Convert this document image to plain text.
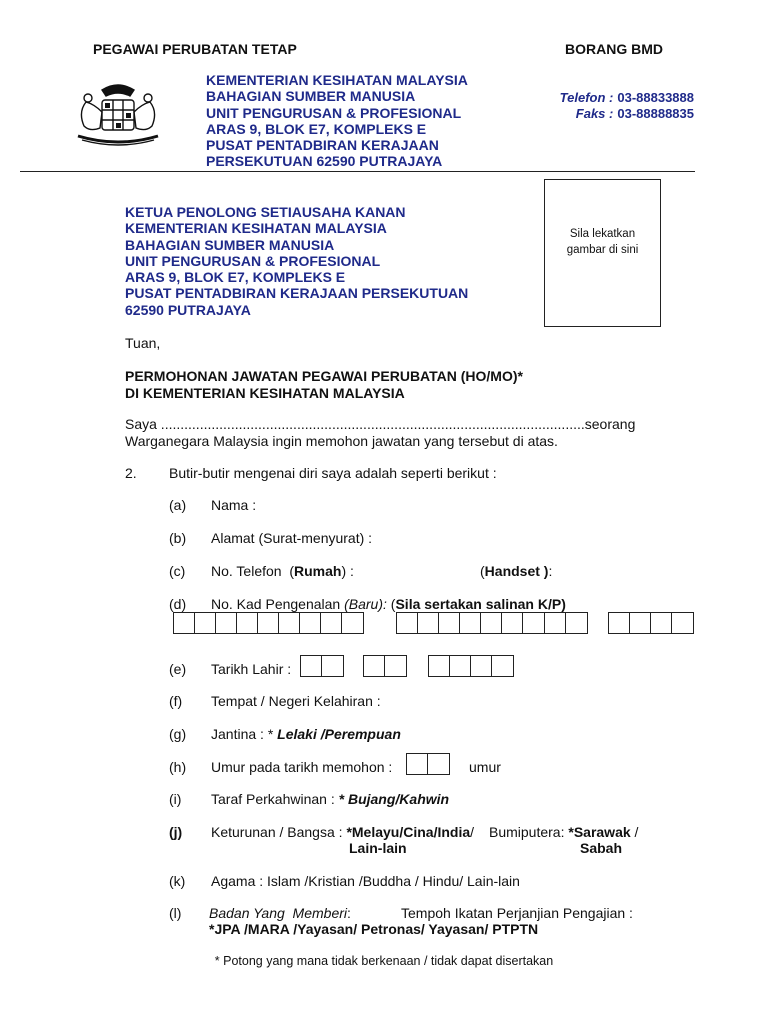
PEGAWAI PERUBATAN TETAP	BORANG BMD
KEMENTERIAN KESIHATAN MALAYSIA
BAHAGIAN SUMBER MANUSIA
UNIT PENGURUSAN & PROFESIONAL
ARAS 9, BLOK E7, KOMPLEKS E
PUSAT PENTADBIRAN KERAJAAN
PERSEKUTUAN 62590 PUTRAJAYA
Telefon : 03-88833888
Faks : 03-88888835
Sila lekatkan
gambar di sini
KETUA PENOLONG SETIAUSAHA KANAN
KEMENTERIAN KESIHATAN MALAYSIA
BAHAGIAN SUMBER MANUSIA
UNIT PENGURUSAN & PROFESIONAL
ARAS 9, BLOK E7, KOMPLEKS E
PUSAT PENTADBIRAN KERAJAAN PERSEKUTUAN
62590 PUTRAJAYA
Tuan,
PERMOHONAN JAWATAN PEGAWAI PERUBATAN (HO/MO)*
DI KEMENTERIAN KESIHATAN MALAYSIA
Saya .............................................................................................................seorang
Warganegara Malaysia ingin memohon jawatan yang tersebut di atas.
2. Butir-butir mengenai diri saya adalah seperti berikut :
(a) Nama :
(b) Alamat (Surat-menyurat) :
(c) No. Telefon  (Rumah) :	(Handset ):
(d) No. Kad Pengenalan (Baru): (Sila sertakan salinan K/P)
(e) Tarikh Lahir :
(f) Tempat / Negeri Kelahiran :
(g) Jantina : * Lelaki /Perempuan
(h) Umur pada tarikh memohon :	umur
(i) Taraf Perkahwinan : * Bujang/Kahwin
(j) Keturunan / Bangsa : *Melayu/Cina/India/ Bumiputera: *Sarawak /
Lain-lain	Sabah
(k) Agama : Islam /Kristian /Buddha / Hindu/ Lain-lain
(l) Badan Yang  Memberi:	Tempoh Ikatan Perjanjian Pengajian :
*JPA /MARA /Yayasan/ Petronas/ Yayasan/ PTPTN
* Potong yang mana tidak berkenaan / tidak dapat disertakan
